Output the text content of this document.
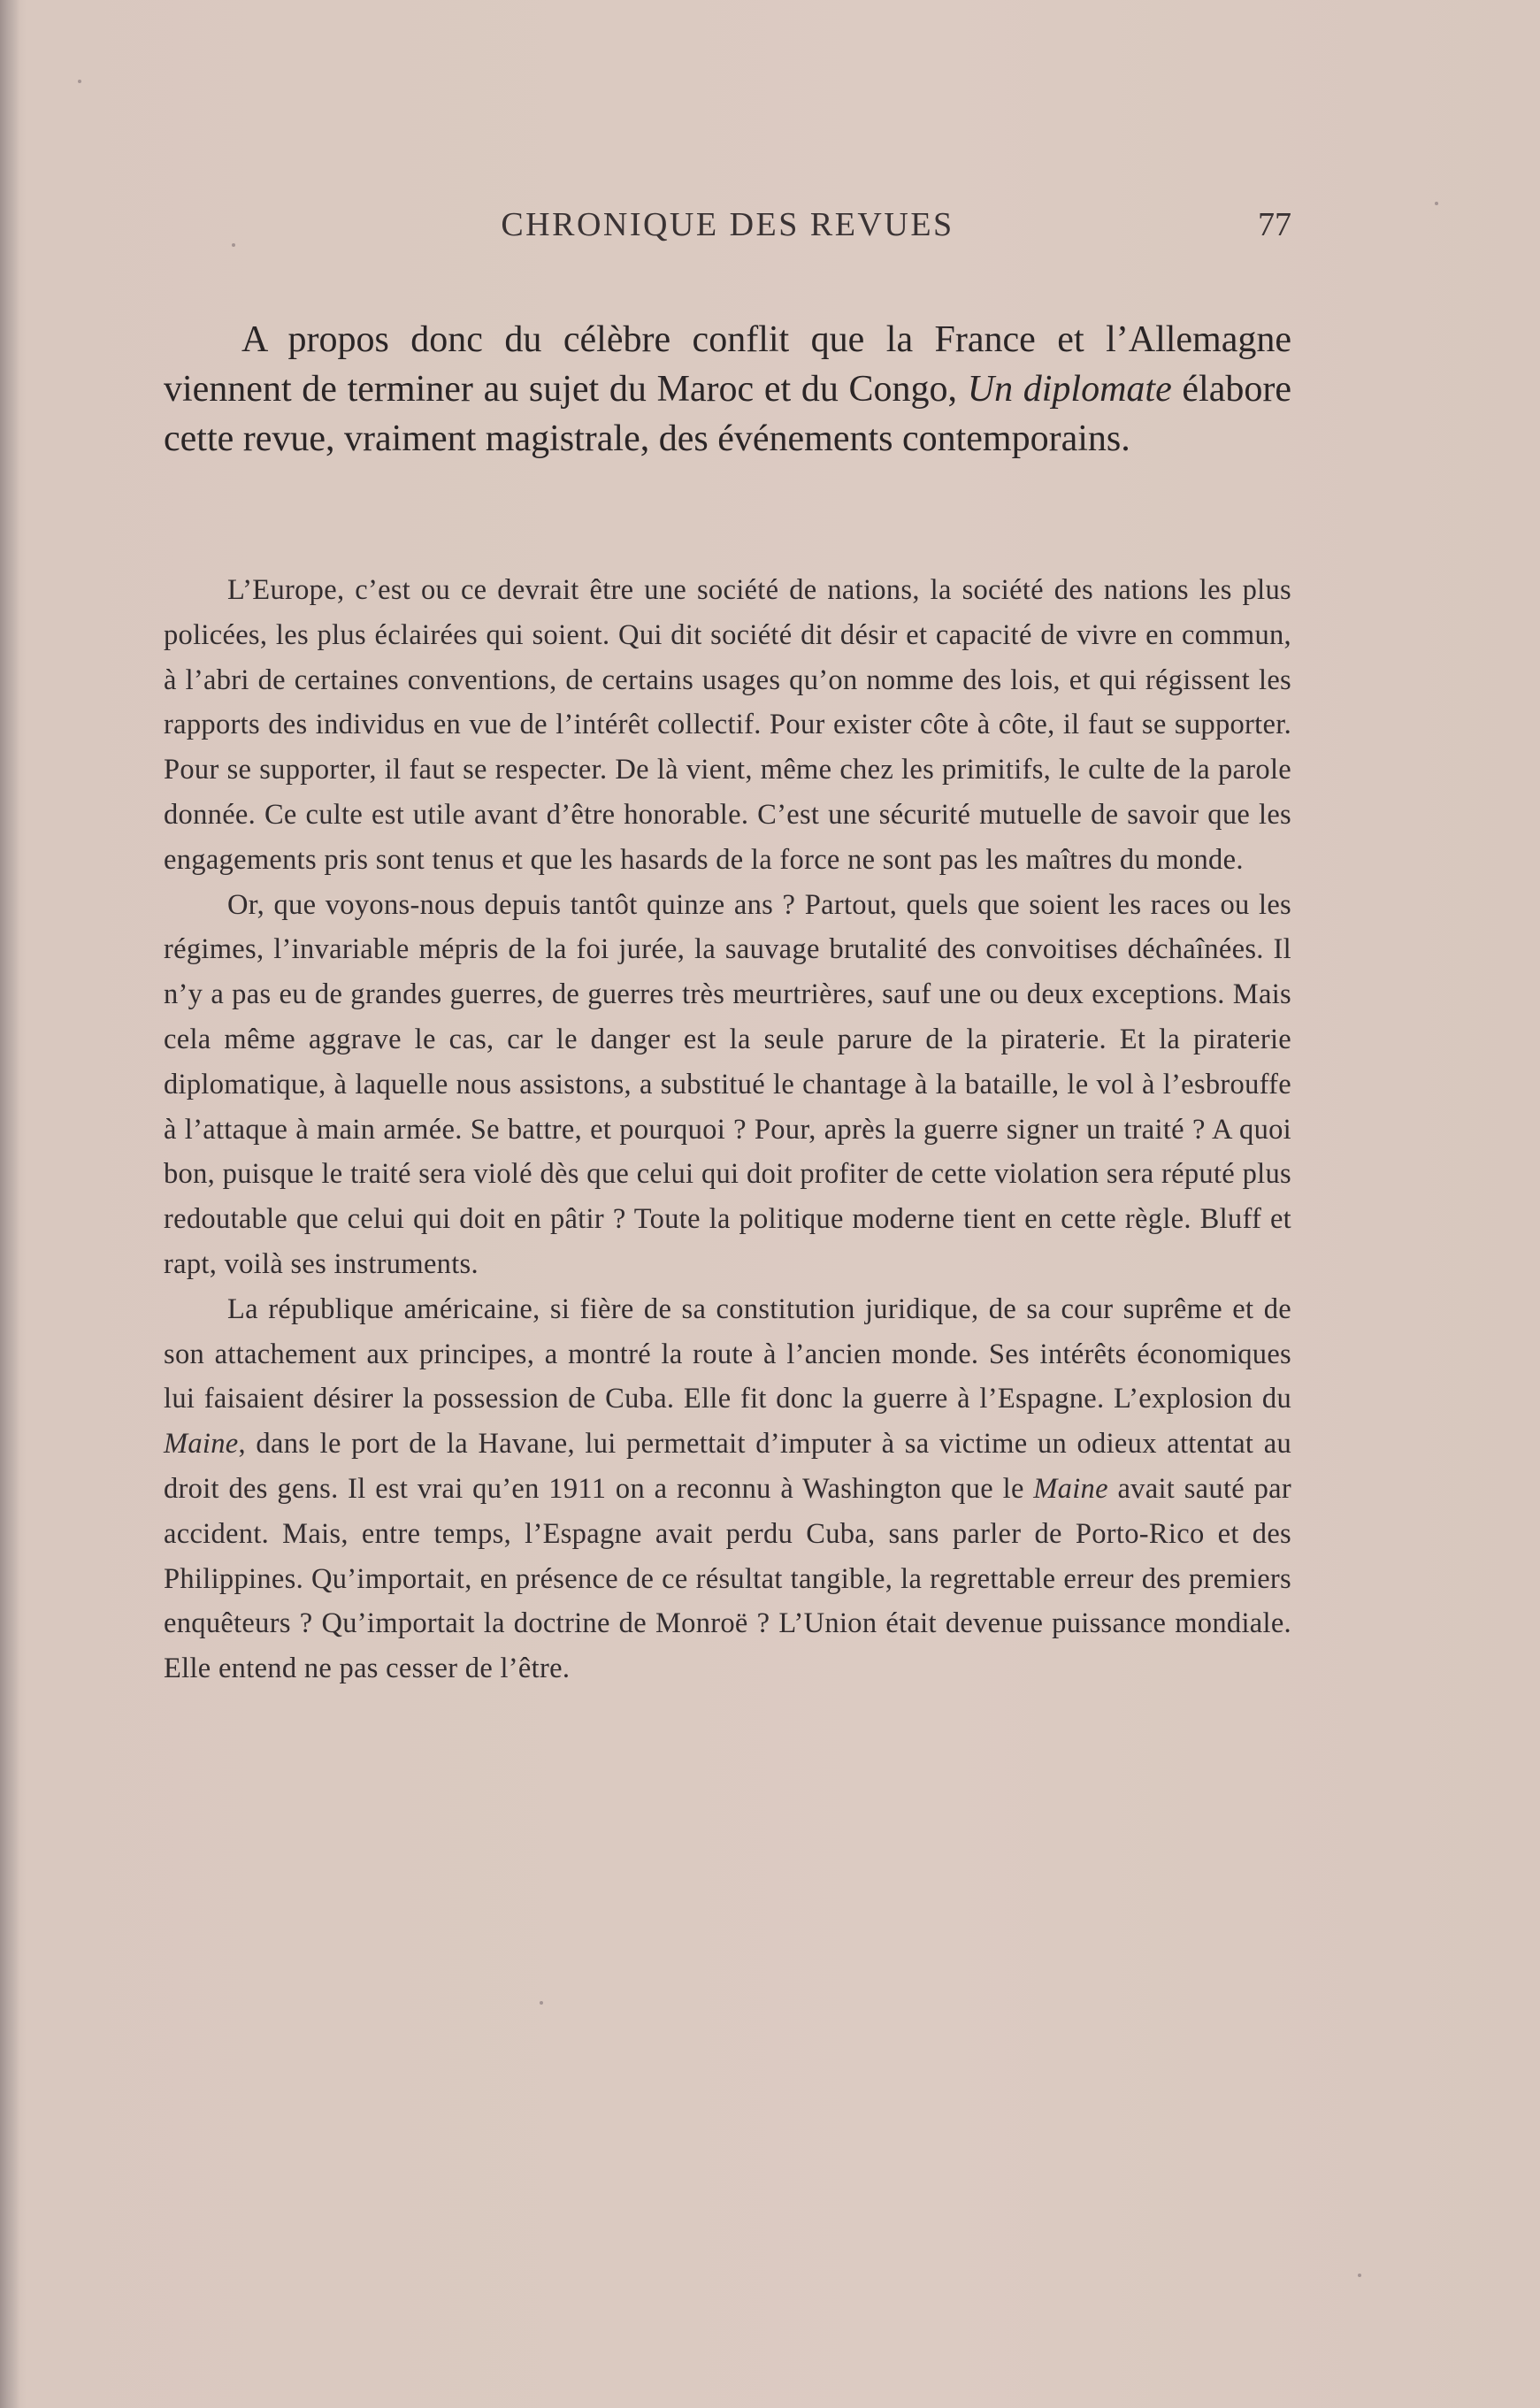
CHRONIQUE DES REVUES	77

A propos donc du célèbre conflit que la France et l’Allemagne viennent de terminer au sujet du Maroc et du Congo, Un diplomate élabore cette revue, vraiment magistrale, des événements contemporains.

L’Europe, c’est ou ce devrait être une société de nations, la société des nations les plus policées, les plus éclairées qui soient. Qui dit société dit désir et capacité de vivre en commun, à l’abri de certaines conventions, de certains usages qu’on nomme des lois, et qui régissent les rapports des individus en vue de l’intérêt collectif. Pour exister côte à côte, il faut se supporter. Pour se supporter, il faut se respecter. De là vient, même chez les primitifs, le culte de la parole donnée. Ce culte est utile avant d’être honorable. C’est une sécurité mutuelle de savoir que les engagements pris sont tenus et que les hasards de la force ne sont pas les maîtres du monde.

Or, que voyons-nous depuis tantôt quinze ans ? Partout, quels que soient les races ou les régimes, l’invariable mépris de la foi jurée, la sauvage brutalité des convoitises déchaînées. Il n’y a pas eu de grandes guerres, de guerres très meurtrières, sauf une ou deux exceptions. Mais cela même aggrave le cas, car le danger est la seule parure de la piraterie. Et la piraterie diplomatique, à laquelle nous assistons, a substitué le chantage à la bataille, le vol à l’esbrouffe à l’attaque à main armée. Se battre, et pourquoi ? Pour, après la guerre signer un traité ? A quoi bon, puisque le traité sera violé dès que celui qui doit profiter de cette violation sera réputé plus redoutable que celui qui doit en pâtir ? Toute la politique moderne tient en cette règle. Bluff et rapt, voilà ses instruments.

La république américaine, si fière de sa constitution juridique, de sa cour suprême et de son attachement aux principes, a montré la route à l’ancien monde. Ses intérêts économiques lui faisaient désirer la possession de Cuba. Elle fit donc la guerre à l’Espagne. L’explosion du Maine, dans le port de la Havane, lui permettait d’imputer à sa victime un odieux attentat au droit des gens. Il est vrai qu’en 1911 on a reconnu à Washington que le Maine avait sauté par accident. Mais, entre temps, l’Espagne avait perdu Cuba, sans parler de Porto-Rico et des Philippines. Qu’importait, en présence de ce résultat tangible, la regrettable erreur des premiers enquêteurs ? Qu’importait la doctrine de Monroë ? L’Union était devenue puissance mondiale. Elle entend ne pas cesser de l’être.
